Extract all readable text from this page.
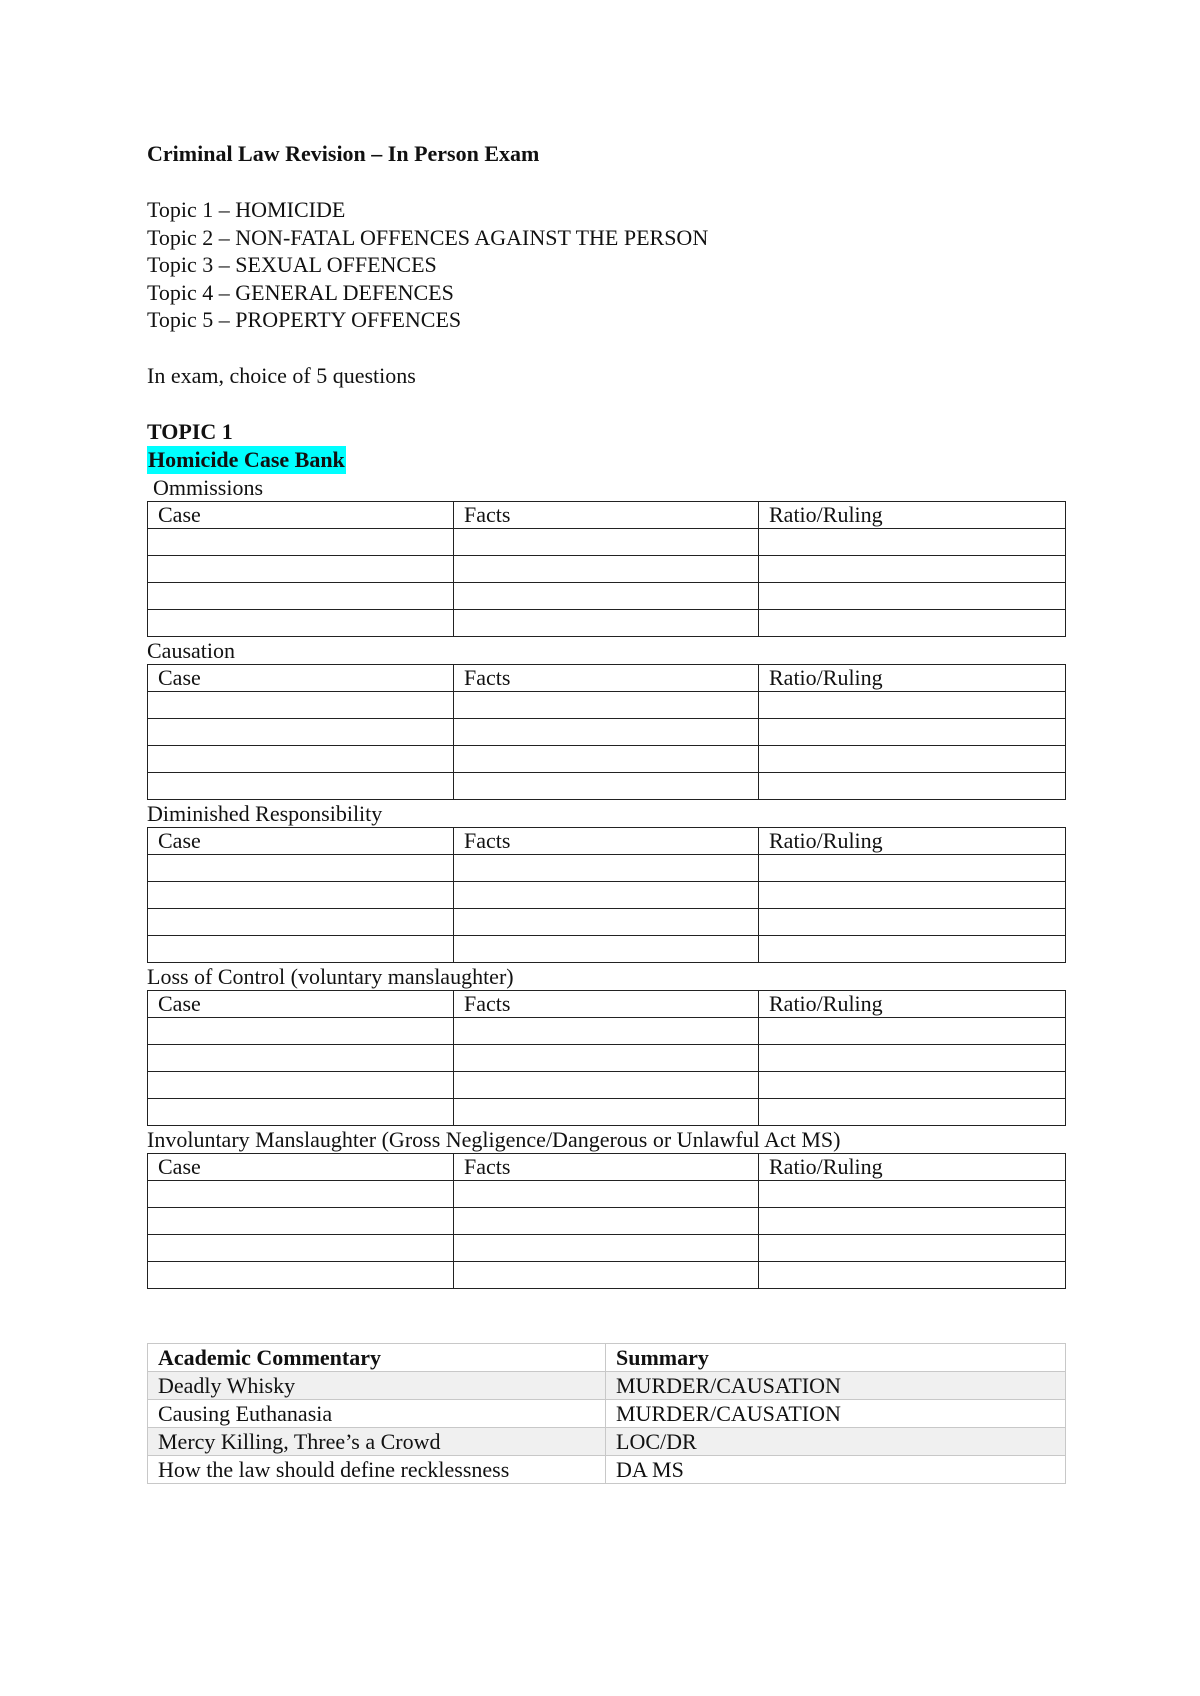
Criminal Law Revision – In Person Exam

Topic 1 – HOMICIDE

Topic 2 – NON-FATAL OFFENCES AGAINST THE PERSON

Topic 3 – SEXUAL OFFENCES

Topic 4 – GENERAL DEFENCES

Topic 5 – PROPERTY OFFENCES

In exam, choice of 5 questions

TOPIC 1

Homicide Case Bank

Ommissions

Case	Facts	Ratio/Ruling

Causation

Case	Facts	Ratio/Ruling

Diminished Responsibility

Case	Facts	Ratio/Ruling

Loss of Control (voluntary manslaughter)

Case	Facts	Ratio/Ruling

Involuntary Manslaughter (Gross Negligence/Dangerous or Unlawful Act MS)

Case	Facts	Ratio/Ruling

Academic Commentary	Summary
Deadly Whisky	MURDER/CAUSATION
Causing Euthanasia	MURDER/CAUSATION
Mercy Killing, Three’s a Crowd	LOC/DR
How the law should define recklessness	DA MS
